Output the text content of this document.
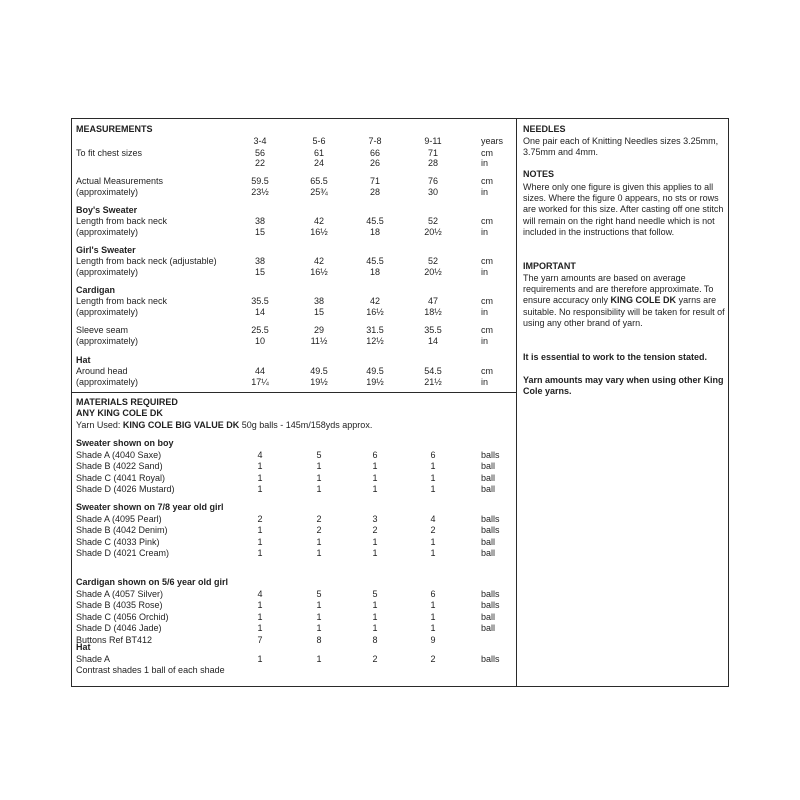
MEASUREMENTS
3-4	5-6	7-8	9-11	years
To fit chest sizes	56	61	66	71	cm
22	24	26	28	in
Actual Measurements	59.5	65.5	71	76	cm
(approximately)	23½	25¾	28	30	in
Boy's Sweater
Length from back neck	38	42	45.5	52	cm
(approximately)	15	16½	18	20½	in
Girl's Sweater
Length from back neck (adjustable)	38	42	45.5	52	cm
(approximately)	15	16½	18	20½	in
Cardigan
Length from back neck	35.5	38	42	47	cm
(approximately)	14	15	16½	18½	in
Sleeve seam	25.5	29	31.5	35.5	cm
(approximately)	10	11½	12½	14	in
Hat
Around head	44	49.5	49.5	54.5	cm
(approximately)	17¼	19½	19½	21½	in
MATERIALS REQUIRED
ANY KING COLE DK
Yarn Used: KING COLE BIG VALUE DK 50g balls - 145m/158yds approx.
Sweater shown on boy
Shade A (4040 Saxe)	4	5	6	6	balls
Shade B (4022 Sand)	1	1	1	1	ball
Shade C (4041 Royal)	1	1	1	1	ball
Shade D (4026 Mustard)	1	1	1	1	ball
Sweater shown on 7/8 year old girl
Shade A (4095 Pearl)	2	2	3	4	balls
Shade B (4042 Denim)	1	2	2	2	balls
Shade C (4033 Pink)	1	1	1	1	ball
Shade D (4021 Cream)	1	1	1	1	ball
Cardigan shown on 5/6 year old girl
Shade A (4057 Silver)	4	5	5	6	balls
Shade B (4035 Rose)	1	1	1	1	balls
Shade C (4056 Orchid)	1	1	1	1	ball
Shade D (4046 Jade)	1	1	1	1	ball
Buttons Ref BT412	7	8	8	9
Hat
Shade A	1	1	2	2	balls
Contrast shades 1 ball of each shade
NEEDLES
One pair each of Knitting Needles sizes 3.25mm, 3.75mm and 4mm.
NOTES
Where only one figure is given this applies to all sizes. Where the figure 0 appears, no sts or rows are worked for this size. After casting off one stitch will remain on the right hand needle which is not included in the instructions that follow.
IMPORTANT
The yarn amounts are based on average requirements and are therefore approximate. To ensure accuracy only KING COLE DK yarns are suitable. No responsibility will be taken for result of using any other brand of yarn.
It is essential to work to the tension stated.
Yarn amounts may vary when using other King Cole yarns.
